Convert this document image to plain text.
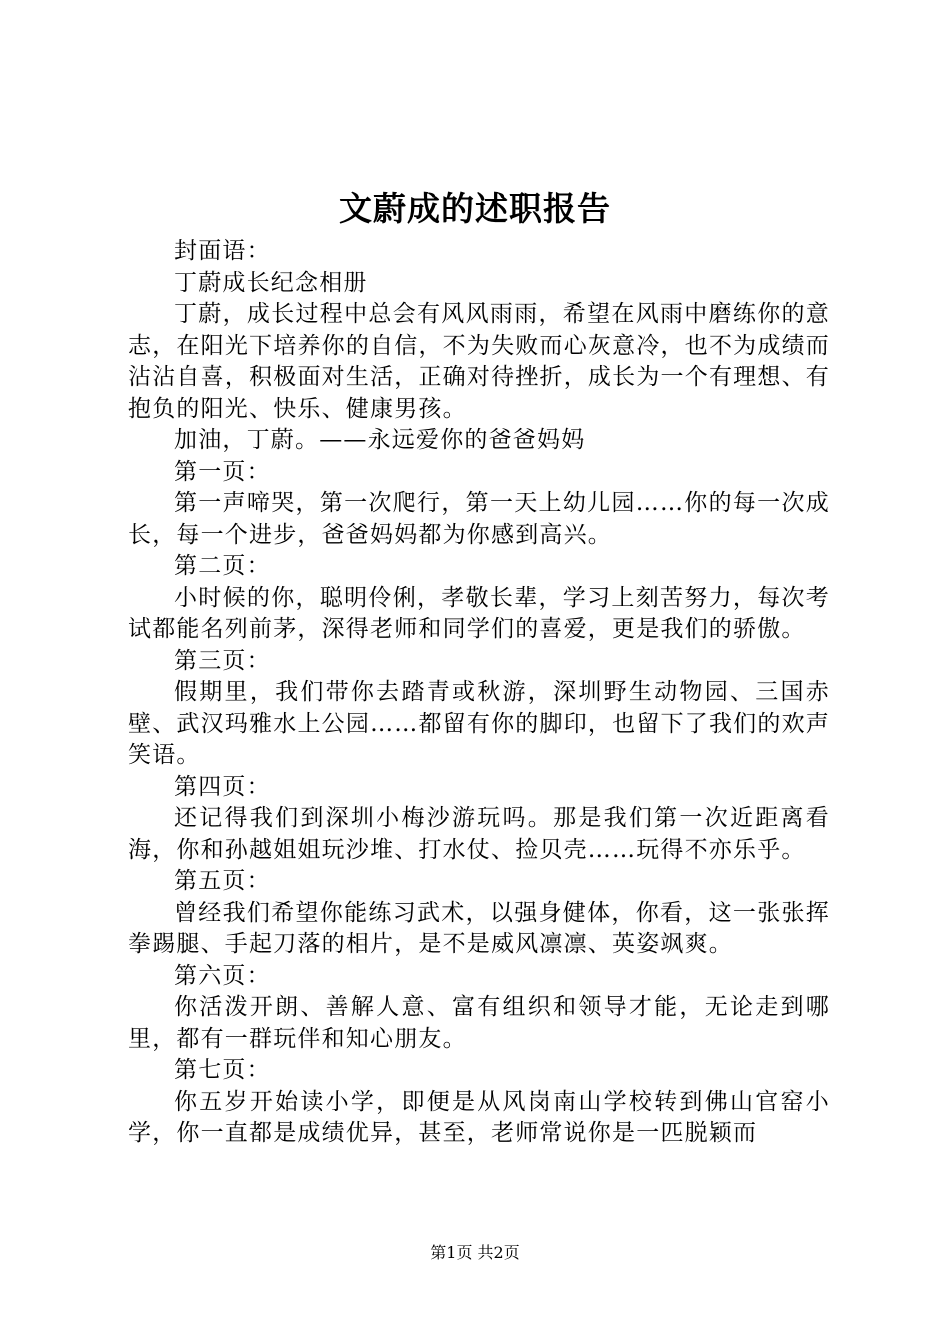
文蔚成的述职报告

封面语：

丁蔚成长纪念相册

丁蔚，成长过程中总会有风风雨雨，希望在风雨中磨练你的意志，在阳光下培养你的自信，不为失败而心灰意冷，也不为成绩而沾沾自喜，积极面对生活，正确对待挫折，成长为一个有理想、有抱负的阳光、快乐、健康男孩。

加油，丁蔚。——永远爱你的爸爸妈妈

第一页：

第一声啼哭，第一次爬行，第一天上幼儿园……你的每一次成长，每一个进步，爸爸妈妈都为你感到高兴。

第二页：

小时候的你，聪明伶俐，孝敬长辈，学习上刻苦努力，每次考试都能名列前茅，深得老师和同学们的喜爱，更是我们的骄傲。

第三页：

假期里，我们带你去踏青或秋游，深圳野生动物园、三国赤壁、武汉玛雅水上公园……都留有你的脚印，也留下了我们的欢声笑语。

第四页：

还记得我们到深圳小梅沙游玩吗。那是我们第一次近距离看海，你和孙越姐姐玩沙堆、打水仗、捡贝壳……玩得不亦乐乎。

第五页：

曾经我们希望你能练习武术，以强身健体，你看，这一张张挥拳踢腿、手起刀落的相片，是不是威风凛凛、英姿飒爽。

第六页：

你活泼开朗、善解人意、富有组织和领导才能，无论走到哪里，都有一群玩伴和知心朋友。

第七页：

你五岁开始读小学，即便是从风岗南山学校转到佛山官窑小学，你一直都是成绩优异，甚至，老师常说你是一匹脱颖而

第1页 共2页
